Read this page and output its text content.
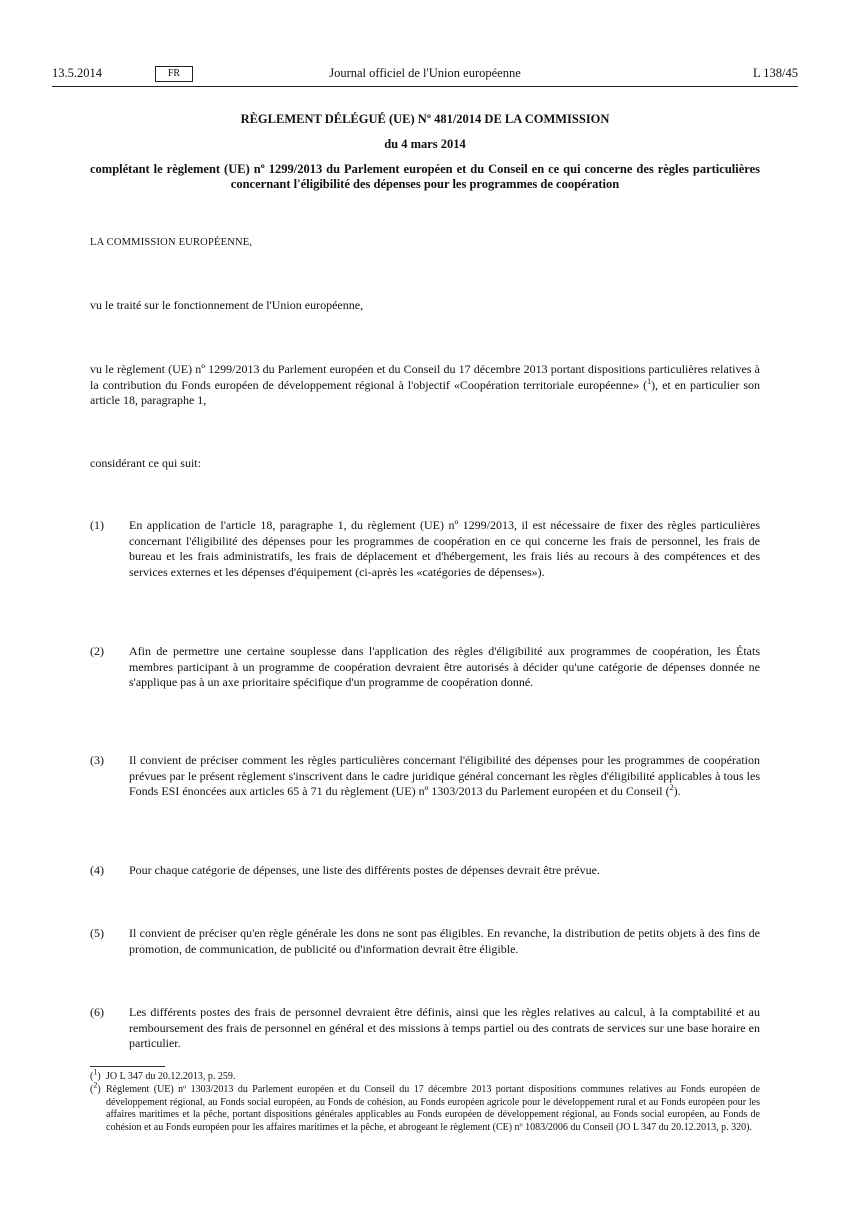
13.5.2014	FR	Journal officiel de l'Union européenne	L 138/45
RÈGLEMENT DÉLÉGUÉ (UE) Nº 481/2014 DE LA COMMISSION
du 4 mars 2014
complétant le règlement (UE) nº 1299/2013 du Parlement européen et du Conseil en ce qui concerne des règles particulières concernant l'éligibilité des dépenses pour les programmes de coopération
LA COMMISSION EUROPÉENNE,
vu le traité sur le fonctionnement de l'Union européenne,
vu le règlement (UE) nº 1299/2013 du Parlement européen et du Conseil du 17 décembre 2013 portant dispositions particulières relatives à la contribution du Fonds européen de développement régional à l'objectif «Coopération territoriale européenne» ($^1$), et en particulier son article 18, paragraphe 1,
considérant ce qui suit:
(1) En application de l'article 18, paragraphe 1, du règlement (UE) nº 1299/2013, il est nécessaire de fixer des règles particulières concernant l'éligibilité des dépenses pour les programmes de coopération en ce qui concerne les frais de personnel, les frais de bureau et les frais administratifs, les frais de déplacement et d'hébergement, les frais liés au recours à des compétences et des services externes et les dépenses d'équipement (ci-après les «catégories de dépenses»).
(2) Afin de permettre une certaine souplesse dans l'application des règles d'éligibilité aux programmes de coopération, les États membres participant à un programme de coopération devraient être autorisés à décider qu'une catégorie de dépenses donnée ne s'applique pas à un axe prioritaire spécifique d'un programme de coopération donné.
(3) Il convient de préciser comment les règles particulières concernant l'éligibilité des dépenses pour les programmes de coopération prévues par le présent règlement s'inscrivent dans le cadre juridique général concernant les règles d'éligibilité applicables à tous les Fonds ESI énoncées aux articles 65 à 71 du règlement (UE) nº 1303/2013 du Parlement européen et du Conseil ($^2$).
(4) Pour chaque catégorie de dépenses, une liste des différents postes de dépenses devrait être prévue.
(5) Il convient de préciser qu'en règle générale les dons ne sont pas éligibles. En revanche, la distribution de petits objets à des fins de promotion, de communication, de publicité ou d'information devrait être éligible.
(6) Les différents postes des frais de personnel devraient être définis, ainsi que les règles relatives au calcul, à la comptabilité et au remboursement des frais de personnel en général et des missions à temps partiel ou des contrats de services sur une base horaire en particulier.
($^1$) JO L 347 du 20.12.2013, p. 259.
($^2$) Règlement (UE) nº 1303/2013 du Parlement européen et du Conseil du 17 décembre 2013 portant dispositions communes relatives au Fonds européen de développement régional, au Fonds social européen, au Fonds de cohésion, au Fonds européen agricole pour le développement rural et au Fonds européen pour les affaires maritimes et la pêche, portant dispositions générales applicables au Fonds européen de développement régional, au Fonds social européen, au Fonds de cohésion et au Fonds européen pour les affaires maritimes et la pêche, et abrogeant le règlement (CE) nº 1083/2006 du Conseil (JO L 347 du 20.12.2013, p. 320).
